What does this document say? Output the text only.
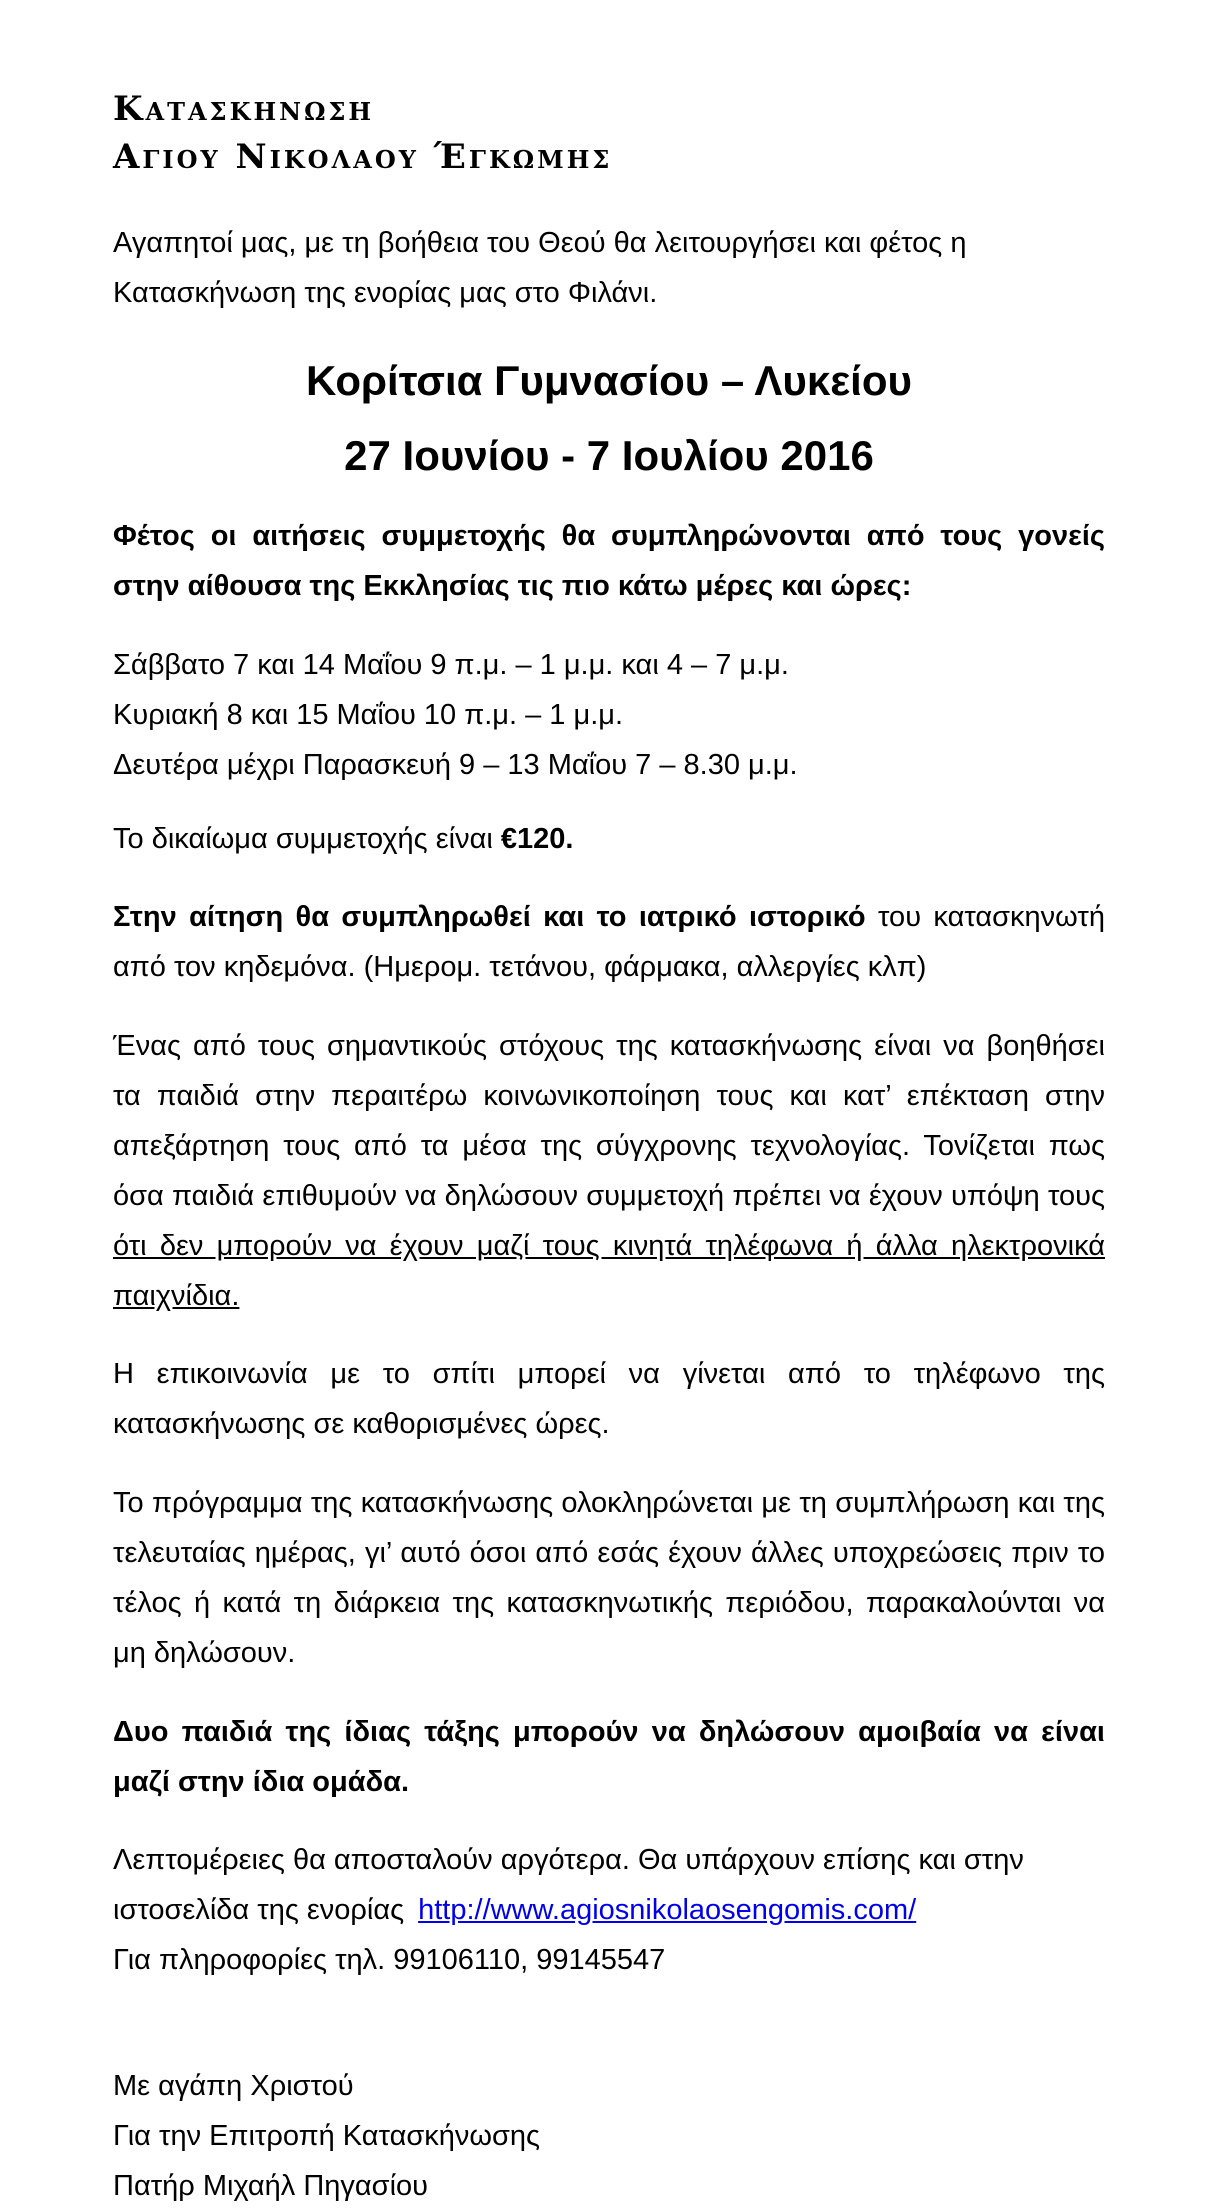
Κατασκήνωση
Αγίου Νικολάου Έγκωμης

Αγαπητοί μας, με τη βοήθεια του Θεού θα λειτουργήσει και φέτος η Κατασκήνωση της ενορίας μας στο Φιλάνι.

Κορίτσια Γυμνασίου – Λυκείου
27 Ιουνίου - 7 Ιουλίου 2016

Φέτος οι αιτήσεις συμμετοχής θα συμπληρώνονται από τους γονείς στην αίθουσα της Εκκλησίας τις πιο κάτω μέρες και ώρες:

Σάββατο 7 και 14 Μαΐου 9 π.μ. – 1 μ.μ. και 4 – 7 μ.μ.
Κυριακή 8 και 15 Μαΐου 10 π.μ. – 1 μ.μ.
Δευτέρα μέχρι Παρασκευή 9 – 13 Μαΐου 7 – 8.30 μ.μ.

Το δικαίωμα συμμετοχής είναι €120.

Στην αίτηση θα συμπληρωθεί και το ιατρικό ιστορικό του κατασκηνωτή από τον κηδεμόνα. (Ημερομ. τετάνου, φάρμακα, αλλεργίες κλπ)

Ένας από τους σημαντικούς στόχους της κατασκήνωσης είναι να βοηθήσει τα παιδιά στην περαιτέρω κοινωνικοποίηση τους και κατ’ επέκταση στην απεξάρτηση τους από τα μέσα της σύγχρονης τεχνολογίας. Τονίζεται πως όσα παιδιά επιθυμούν να δηλώσουν συμμετοχή πρέπει να έχουν υπόψη τους ότι δεν μπορούν να έχουν μαζί τους κινητά τηλέφωνα ή άλλα ηλεκτρονικά παιχνίδια.

Η επικοινωνία με το σπίτι μπορεί να γίνεται από το τηλέφωνο της κατασκήνωσης σε καθορισμένες ώρες.

Το πρόγραμμα της κατασκήνωσης ολοκληρώνεται με τη συμπλήρωση και της τελευταίας ημέρας, γι’ αυτό όσοι από εσάς έχουν άλλες υποχρεώσεις πριν το τέλος ή κατά τη διάρκεια της κατασκηνωτικής περιόδου, παρακαλούνται να μη δηλώσουν.

Δυο παιδιά της ίδιας τάξης μπορούν να δηλώσουν αμοιβαία να είναι μαζί στην ίδια ομάδα.

Λεπτομέρειες θα αποσταλούν αργότερα. Θα υπάρχουν επίσης και στην
ιστοσελίδα της ενορίας http://www.agiosnikolaosengomis.com/
Για πληροφορίες τηλ. 99106110, 99145547
Με αγάπη Χριστού
Για την Επιτροπή Κατασκήνωσης
Πατήρ Μιχαήλ Πηγασίου
